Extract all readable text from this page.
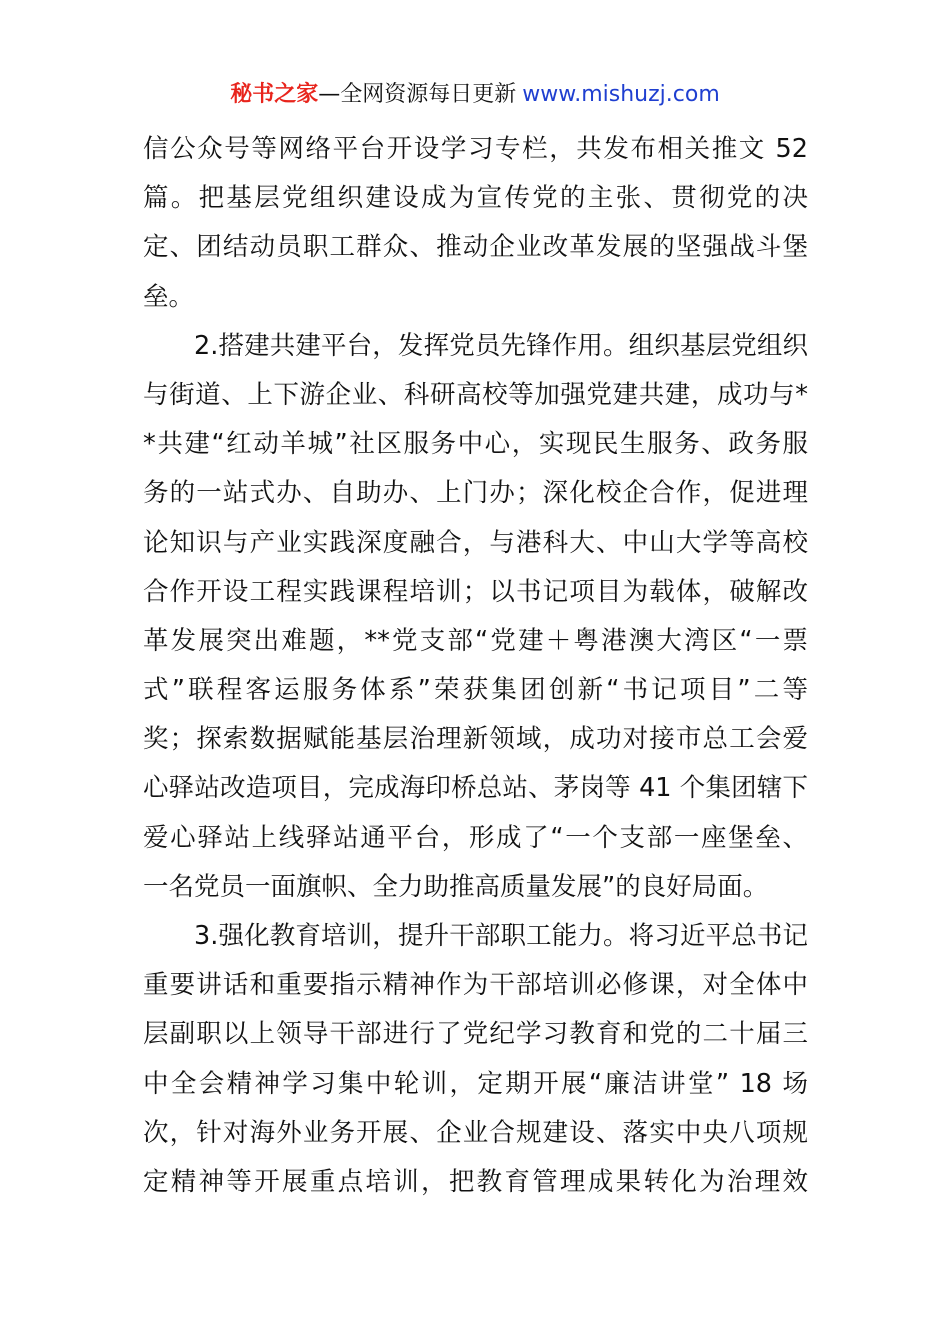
秘书之家—全网资源每日更新 www.mishuzj.com
信公众号等网络平台开设学习专栏，共发布相关推文 52
篇。把基层党组织建设成为宣传党的主张、贯彻党的决
定、团结动员职工群众、推动企业改革发展的坚强战斗堡
垒。
2.搭建共建平台，发挥党员先锋作用。组织基层党组织
与街道、上下游企业、科研高校等加强党建共建，成功与*
*共建“红动羊城”社区服务中心，实现民生服务、政务服
务的一站式办、自助办、上门办；深化校企合作，促进理
论知识与产业实践深度融合，与港科大、中山大学等高校
合作开设工程实践课程培训；以书记项目为载体，破解改
革发展突出难题，**党支部“党建＋粤港澳大湾区“一票
式”联程客运服务体系”荣获集团创新“书记项目”二等
奖；探索数据赋能基层治理新领域，成功对接市总工会爱
心驿站改造项目，完成海印桥总站、茅岗等 41 个集团辖下
爱心驿站上线驿站通平台，形成了“一个支部一座堡垒、
一名党员一面旗帜、全力助推高质量发展”的良好局面。
3.强化教育培训，提升干部职工能力。将习近平总书记
重要讲话和重要指示精神作为干部培训必修课，对全体中
层副职以上领导干部进行了党纪学习教育和党的二十届三
中全会精神学习集中轮训，定期开展“廉洁讲堂” 18 场
次，针对海外业务开展、企业合规建设、落实中央八项规
定精神等开展重点培训，把教育管理成果转化为治理效
